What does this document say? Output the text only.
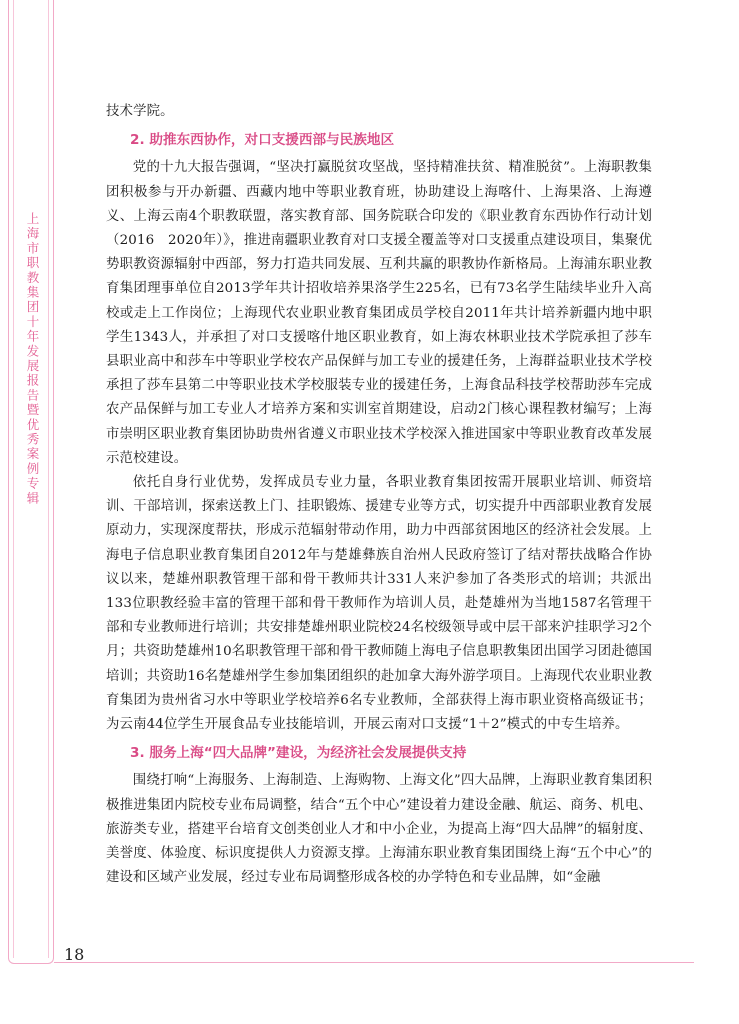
上海市职教集团十年发展报告暨优秀案例专辑
18

技术学院。

2. 助推东西协作，对口支援西部与民族地区

党的十九大报告强调，“坚决打赢脱贫攻坚战，坚持精准扶贫、精准脱贫”。上海职教集团积极参与开办新疆、西藏内地中等职业教育班，协助建设上海喀什、上海果洛、上海遵义、上海云南4个职教联盟，落实教育部、国务院联合印发的《职业教育东西协作行动计划（2016　2020年）》，推进南疆职业教育对口支援全覆盖等对口支援重点建设项目，集聚优势职教资源辐射中西部，努力打造共同发展、互利共赢的职教协作新格局。上海浦东职业教育集团理事单位自2013学年共计招收培养果洛学生225名，已有73名学生陆续毕业升入高校或走上工作岗位；上海现代农业职业教育集团成员学校自2011年共计培养新疆内地中职学生1343人，并承担了对口支援喀什地区职业教育，如上海农林职业技术学院承担了莎车县职业高中和莎车中等职业学校农产品保鲜与加工专业的援建任务，上海群益职业技术学校承担了莎车县第二中等职业技术学校服装专业的援建任务，上海食品科技学校帮助莎车完成农产品保鲜与加工专业人才培养方案和实训室首期建设，启动2门核心课程教材编写；上海市崇明区职业教育集团协助贵州省遵义市职业技术学校深入推进国家中等职业教育改革发展示范校建设。

依托自身行业优势，发挥成员专业力量，各职业教育集团按需开展职业培训、师资培训、干部培训，探索送教上门、挂职锻炼、援建专业等方式，切实提升中西部职业教育发展原动力，实现深度帮扶，形成示范辐射带动作用，助力中西部贫困地区的经济社会发展。上海电子信息职业教育集团自2012年与楚雄彝族自治州人民政府签订了结对帮扶战略合作协议以来，楚雄州职教管理干部和骨干教师共计331人来沪参加了各类形式的培训；共派出133位职教经验丰富的管理干部和骨干教师作为培训人员，赴楚雄州为当地1587名管理干部和专业教师进行培训；共安排楚雄州职业院校24名校级领导或中层干部来沪挂职学习2个月；共资助楚雄州10名职教管理干部和骨干教师随上海电子信息职教集团出国学习团赴德国培训；共资助16名楚雄州学生参加集团组织的赴加拿大海外游学项目。上海现代农业职业教育集团为贵州省习水中等职业学校培养6名专业教师，全部获得上海市职业资格高级证书；为云南44位学生开展食品专业技能培训，开展云南对口支援“1＋2”模式的中专生培养。

3. 服务上海“四大品牌”建设，为经济社会发展提供支持

围绕打响“上海服务、上海制造、上海购物、上海文化”四大品牌，上海职业教育集团积极推进集团内院校专业布局调整，结合“五个中心”建设着力建设金融、航运、商务、机电、旅游类专业，搭建平台培育文创类创业人才和中小企业，为提高上海“四大品牌”的辐射度、美誉度、体验度、标识度提供人力资源支撑。上海浦东职业教育集团围绕上海“五个中心”的建设和区域产业发展，经过专业布局调整形成各校的办学特色和专业品牌，如“金融
